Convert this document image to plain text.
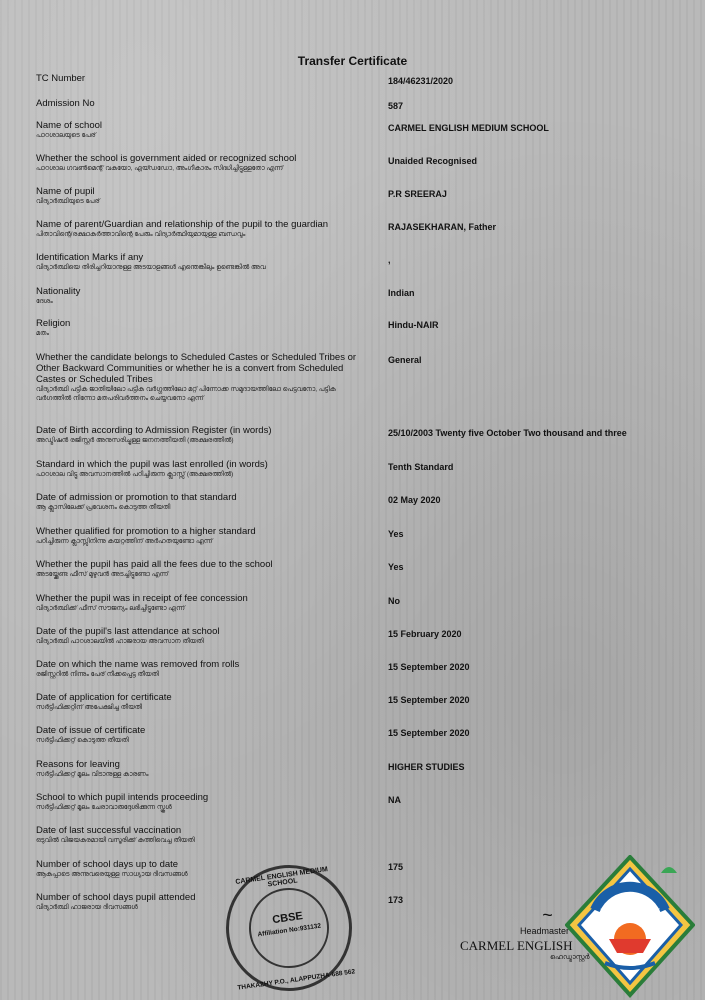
Transfer Certificate
TC Number	184/46231/2020
Admission No	587
Name of school
പാഠശാലയുടെ പേര്
CARMEL ENGLISH MEDIUM SCHOOL
Whether the school is government aided or recognized school
പാഠശാല ഗവൺമെന്റ് വകയോ, എയ്ഡഡോ, അംഗീകാരം സിദ്ധിച്ചിട്ടുള്ളതോ എന്ന്
Unaided Recognised
Name of pupil
വിദ്യാർത്ഥിയുടെ പേര്
P.R SREERAJ
Name of parent/Guardian and relationship of the pupil to the guardian
പിതാവിന്റെ/രക്ഷാകർത്താവിന്റെ പേരും വിദ്യാർത്ഥിയുമായുള്ള ബന്ധവും
RAJASEKHARAN, Father
Identification Marks if any
വിദ്യാർത്ഥിയെ തിരിച്ചറിയാനുള്ള അടയാളങ്ങൾ എന്തെങ്കിലും ഉണ്ടെങ്കിൽ അവ
,
Nationality
ദേശം
Indian
Religion
മതം
Hindu-NAIR
Whether the candidate belongs to Scheduled Castes or Scheduled Tribes or Other Backward Communities or whether he is a convert from Scheduled Castes or Scheduled Tribes
വിദ്യാർത്ഥി പട്ടിക ജാതിയിലോ പട്ടിക വർഗ്ഗത്തിലോ മറ്റ് പിന്നോക്ക സമുദായത്തിലോ പെട്ടവനോ, പട്ടിക വർഗത്തിൽ നിന്നോ മതപരിവർത്തനം ചെയ്യവനോ എന്ന്
General
Date of Birth according to Admission Register (in words)
അഡ്മിഷൻ രജിസ്റ്റർ അനുസരിച്ചുള്ള ജനനത്തീയതി (അക്ഷരത്തിൽ)
25/10/2003 Twenty five October Two thousand and three
Standard in which the pupil was last enrolled (in words)
പാഠശാല വിട്ടു അവസാനത്തിൽ പഠിച്ചിരുന്ന ക്ലാസ്സ് (അക്ഷരത്തിൽ)
Tenth Standard
Date of admission or promotion to that standard
ആ ക്ലാസിലേക്ക് പ്രവേശനം കൊടുത്ത തീയതി
02 May 2020
Whether qualified for promotion to a higher standard
പഠിച്ചിരുന്ന ക്ലാസ്സിനിന്നു കയറ്റത്തിന് അർഹതയുണ്ടോ എന്ന്
Yes
Whether the pupil has paid all the fees due to the school
അടയ്ക്കേണ്ട ഫീസ് മുഴുവൻ അടച്ചിട്ടുണ്ടോ എന്ന്
Yes
Whether the pupil was in receipt of fee concession
വിദ്യാർത്ഥിക്ക് ഫീസ് സൗജന്യം ലഭിച്ചിട്ടുണ്ടോ എന്ന്
No
Date of the pupil's last attendance at school
വിദ്യാർത്ഥി പാഠശാലയിൽ ഹാജരായ അവസാന തീയതി
15 February 2020
Date on which the name was removed from rolls
രജിസ്റ്ററിൽ നിന്നും പേര് നീക്കപ്പെട്ട തീയതി
15 September 2020
Date of application for certificate
സർട്ടിഫിക്കറ്റിന് അപേക്ഷിച്ച തീയതി
15 September 2020
Date of issue of certificate
സർട്ടിഫിക്കറ്റ് കൊടുത്ത തീയതി
15 September 2020
Reasons for leaving
സർട്ടിഫിക്കറ്റ് മൂലം വിടാനുള്ള കാരണം
HIGHER STUDIES
School to which pupil intends proceeding
സർട്ടിഫിക്കറ്റ് മൂലം ചേരാവാരുദ്ദേശിക്കുന്ന സ്കൂൾ
NA
Date of last successful vaccination
ഒടുവിൽ വിജയകരമായി വസൂരിക്ക് കുത്തിവെച്ച തീയതി
Number of school days up to date
ആകപ്പാടെ അന്നുവരെയുള്ള സാധ്യായ ദിവസങ്ങൾ
175
Number of school days pupil attended
വിദ്യാർത്ഥി ഹാജരായ ദിവസങ്ങൾ
173
CARMEL ENGLISH MEDIUM SCHOOL
CBSE
Affiliation No:931132
THAKAZHY P.O., ALAPPUZHA-688 562
~
Headmaster
CARMEL ENGLISH
ഹെഡ്മാസ്റ്റർ
LEAD KINDLY LIGHT
